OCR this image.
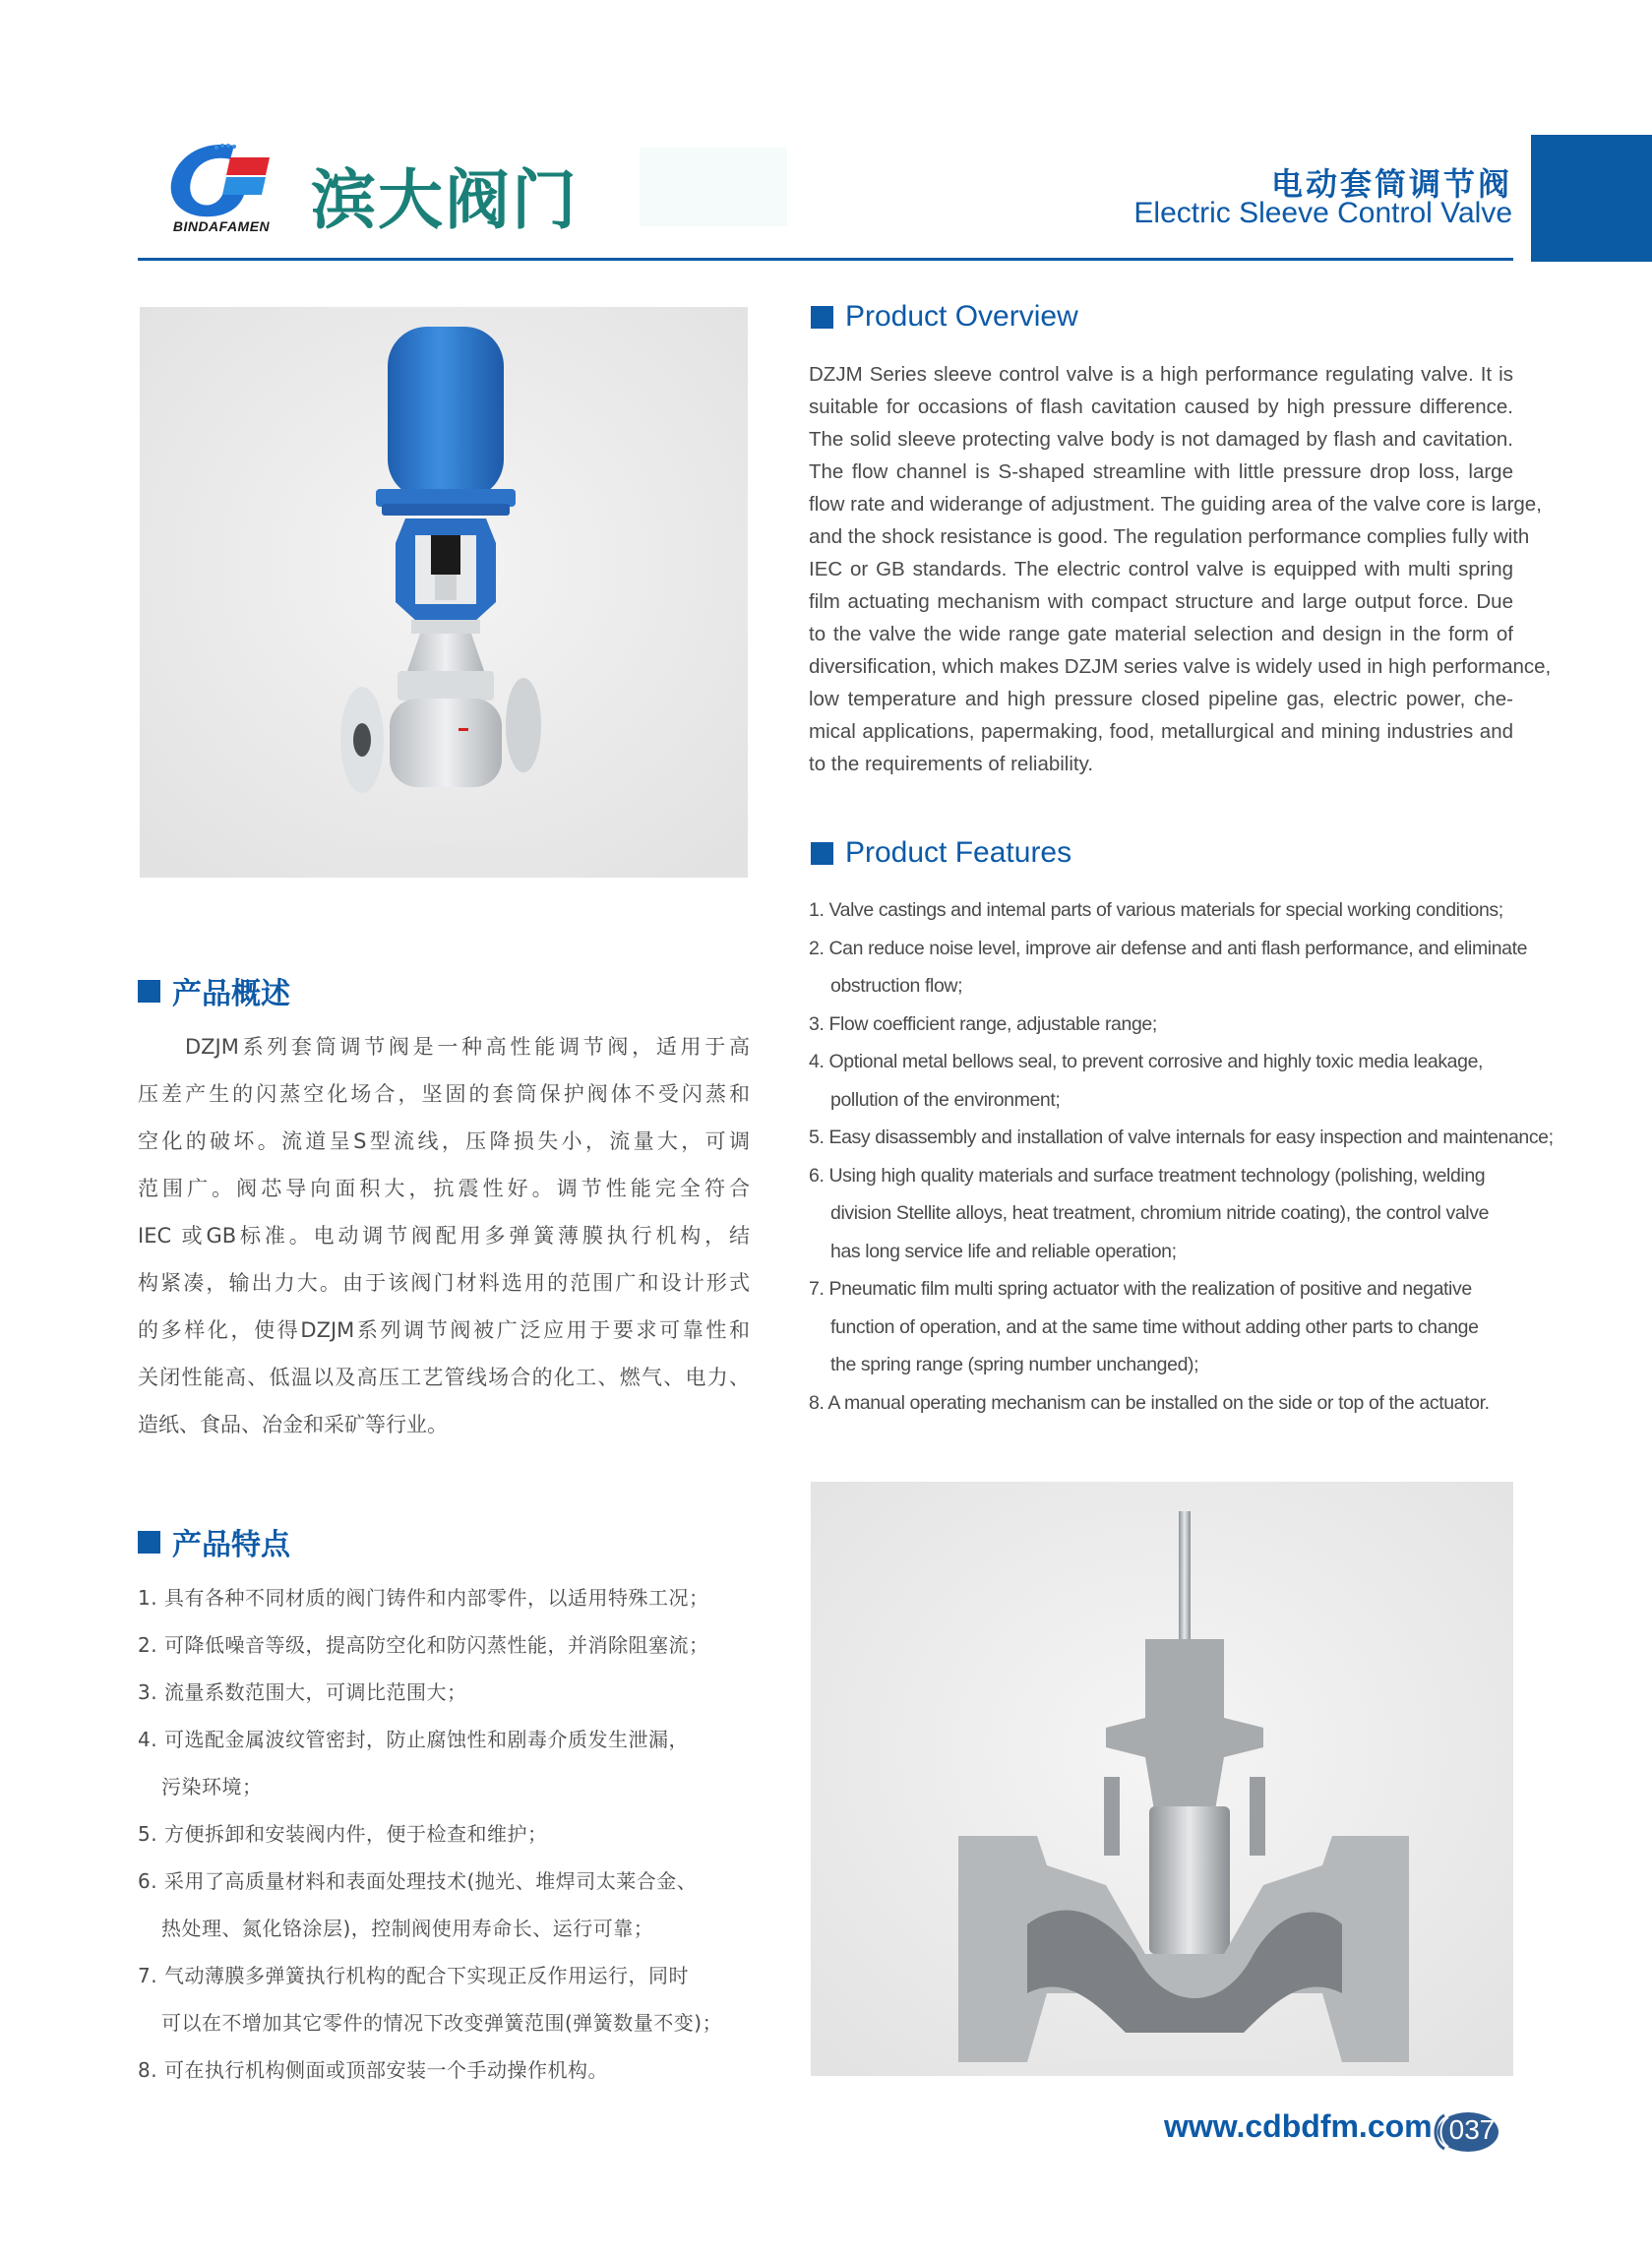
BINDAFAMEN 滨大阀门	电动套筒调节阀
Electric Sleeve Control Valve
Product Overview
DZJM Series sleeve control valve is a high performance regulating valve. It is
suitable for occasions of flash cavitation caused by high pressure difference.
The solid sleeve protecting valve body is not damaged by flash and cavitation.
The flow channel is S-shaped streamline with little pressure drop loss, large
flow rate and widerange of adjustment. The guiding area of the valve core is large,
and the shock resistance is good. The regulation performance complies fully with
IEC or GB standards. The electric control valve is equipped with multi spring
film actuating mechanism with compact structure and large output force. Due
to the valve the wide range gate material selection and design in the form of
diversification, which makes DZJM series valve is widely used in high performance,
low temperature and high pressure closed pipeline gas, electric power, che-
mical applications, papermaking, food, metallurgical and mining industries and
to the requirements of reliability.
Product Features
1. Valve castings and intemal parts of various materials for special working conditions;
2. Can reduce noise level, improve air defense and anti flash performance, and eliminate
obstruction flow;
3. Flow coefficient range, adjustable range;
4. Optional metal bellows seal, to prevent corrosive and highly toxic media leakage,
pollution of the environment;
5. Easy disassembly and installation of valve internals for easy inspection and maintenance;
6. Using high quality materials and surface treatment technology (polishing, welding
division Stellite alloys, heat treatment, chromium nitride coating), the control valve
has long service life and reliable operation;
7. Pneumatic film multi spring actuator with the realization of positive and negative
function of operation, and at the same time without adding other parts to change
the spring range (spring number unchanged);
8. A manual operating mechanism can be installed on the side or top of the actuator.
产品概述
DZJM系列套筒调节阀是一种高性能调节阀，适用于高
压差产生的闪蒸空化场合，坚固的套筒保护阀体不受闪蒸和
空化的破坏。流道呈S型流线，压降损失小，流量大，可调
范围广。阀芯导向面积大，抗震性好。调节性能完全符合
IEC 或GB标准。电动调节阀配用多弹簧薄膜执行机构，结
构紧凑，输出力大。由于该阀门材料选用的范围广和设计形式
的多样化，使得DZJM系列调节阀被广泛应用于要求可靠性和
关闭性能高、低温以及高压工艺管线场合的化工、燃气、电力、
造纸、食品、冶金和采矿等行业。
产品特点
1. 具有各种不同材质的阀门铸件和内部零件，以适用特殊工况；
2. 可降低噪音等级，提高防空化和防闪蒸性能，并消除阻塞流；
3. 流量系数范围大，可调比范围大；
4. 可选配金属波纹管密封，防止腐蚀性和剧毒介质发生泄漏，
污染环境；
5. 方便拆卸和安装阀内件，便于检查和维护；
6. 采用了高质量材料和表面处理技术(抛光、堆焊司太莱合金、
热处理、氮化铬涂层)，控制阀使用寿命长、运行可靠；
7. 气动薄膜多弹簧执行机构的配合下实现正反作用运行，同时
可以在不增加其它零件的情况下改变弹簧范围(弹簧数量不变)；
8. 可在执行机构侧面或顶部安装一个手动操作机构。
www.cdbdfm.com 037
